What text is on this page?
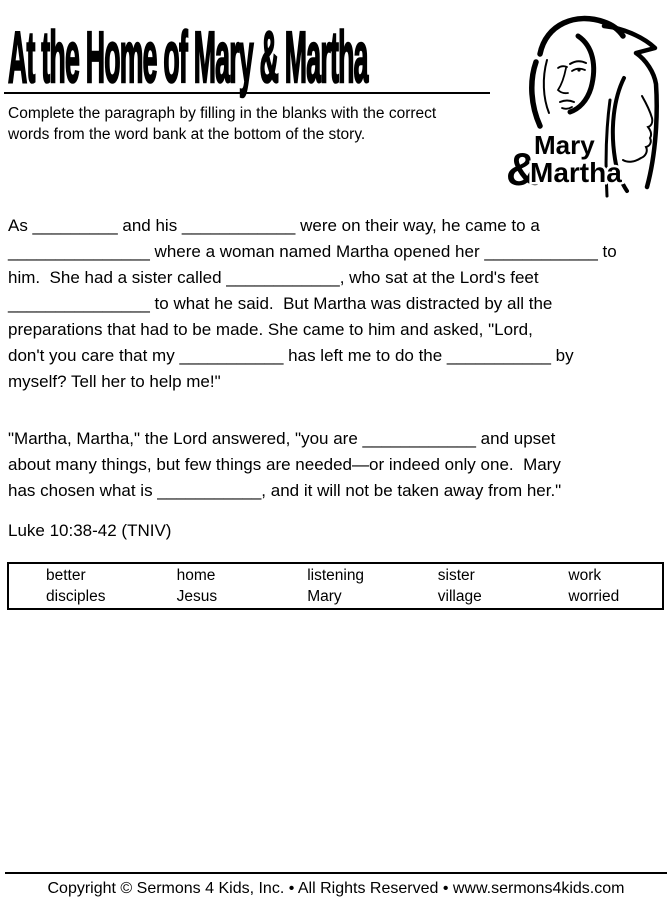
At the Home of Mary & Martha
Complete the paragraph by filling in the blanks with the correct
words from the word bank at the bottom of the story.	Mary
&
Martha
As _________ and his ____________ were on their way, he came to a
_______________ where a woman named Martha opened her ____________ to
him.  She had a sister called ____________, who sat at the Lord's feet
_______________ to what he said.  But Martha was distracted by all the
preparations that had to be made. She came to him and asked, "Lord,
don't you care that my ___________ has left me to do the ___________ by
myself? Tell her to help me!"
"Martha, Martha," the Lord answered, "you are ____________ and upset
about many things, but few things are needed—or indeed only one.  Mary
has chosen what is ___________, and it will not be taken away from her."
Luke 10:38-42 (TNIV)
better	home	listening	sister	work
disciples	Jesus	Mary	village	worried
Copyright © Sermons 4 Kids, Inc. • All Rights Reserved • www.sermons4kids.com
